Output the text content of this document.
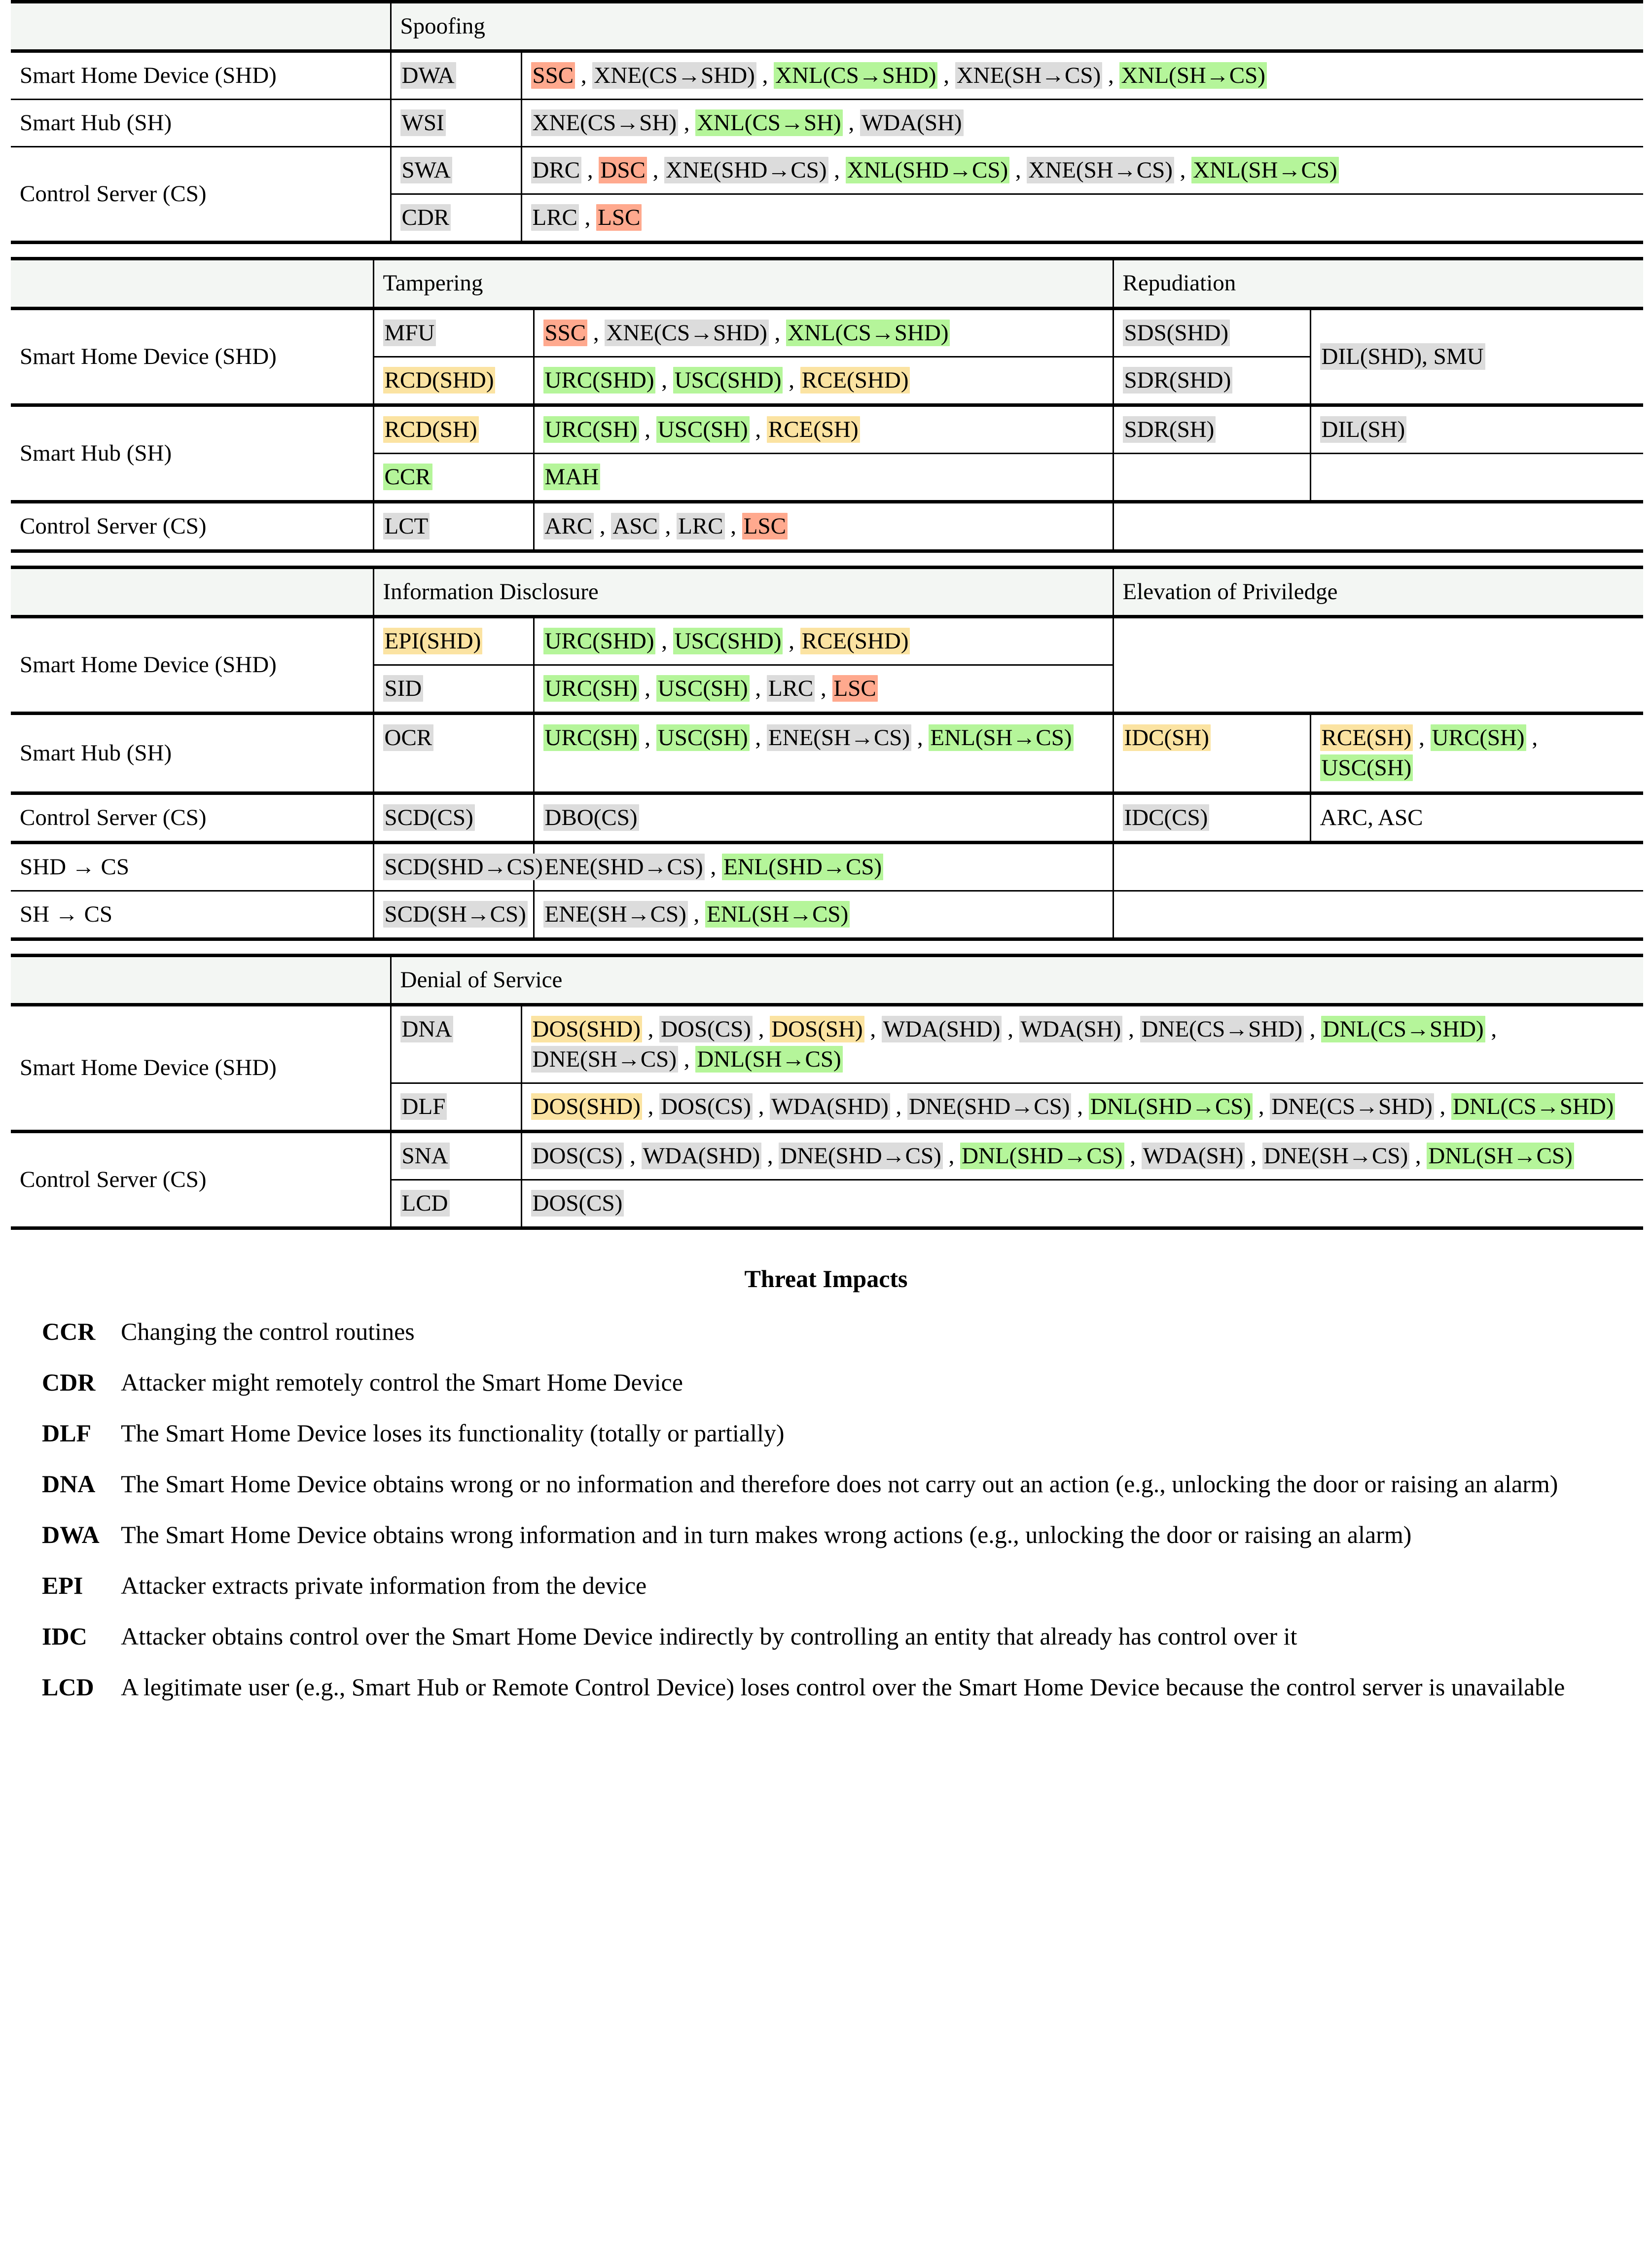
	Spoofing	
Smart Home Device (SHD)	DWA	SSC , XNE(CS→SHD) , XNL(CS→SHD) , XNE(SH→CS) , XNL(SH→CS)
Smart Hub (SH)	WSI	XNE(CS→SH) , XNL(CS→SH) , WDA(SH)
Control Server (CS)	SWA	DRC , DSC , XNE(SHD→CS) , XNL(SHD→CS) , XNE(SH→CS) , XNL(SH→CS)
	CDR	LRC , LSC
	Tampering		Repudiation	
Smart Home Device (SHD)	MFU	SSC , XNE(CS→SHD) , XNL(CS→SHD)	SDS(SHD)	DIL(SHD), SMU
	RCD(SHD)	URC(SHD) , USC(SHD) , RCE(SHD)	SDR(SHD)	
Smart Hub (SH)	RCD(SH)	URC(SH) , USC(SH) , RCE(SH)	SDR(SH)	DIL(SH)
	CCR	MAH		
Control Server (CS)	LCT	ARC , ASC , LRC , LSC		
	Information Disclosure		Elevation of Priviledge	
Smart Home Device (SHD)	EPI(SHD)	URC(SHD) , USC(SHD) , RCE(SHD)		
	SID	URC(SH) , USC(SH) , LRC , LSC		
Smart Hub (SH)	OCR	URC(SH) , USC(SH) , ENE(SH→CS) , ENL(SH→CS)	IDC(SH)	RCE(SH) , URC(SH) , USC(SH)
Control Server (CS)	SCD(CS)	DBO(CS)	IDC(CS)	ARC, ASC
SHD → CS	SCD(SHD→CS)	ENE(SHD→CS) , ENL(SHD→CS)		
SH → CS	SCD(SH→CS)	ENE(SH→CS) , ENL(SH→CS)		
	Denial of Service	
Smart Home Device (SHD)	DNA	DOS(SHD) , DOS(CS) , DOS(SH) , WDA(SHD) , WDA(SH) , DNE(CS→SHD) , DNL(CS→SHD) , DNE(SH→CS) , DNL(SH→CS)
	DLF	DOS(SHD) , DOS(CS) , WDA(SHD) , DNE(SHD→CS) , DNL(SHD→CS) , DNE(CS→SHD) , DNL(CS→SHD)
Control Server (CS)	SNA	DOS(CS) , WDA(SHD) , DNE(SHD→CS) , DNL(SHD→CS) , WDA(SH) , DNE(SH→CS) , DNL(SH→CS)
	LCD	DOS(CS)
Threat Impacts
CCR	Changing the control routines
CDR	Attacker might remotely control the Smart Home Device
DLF	The Smart Home Device loses its functionality (totally or partially)
DNA	The Smart Home Device obtains wrong or no information and therefore does not carry out an action (e.g., unlocking the door or raising an alarm)
DWA The Smart Home Device obtains wrong information and in turn makes wrong actions (e.g., unlocking the door or raising an alarm)
EPI	Attacker extracts private information from the device
IDC	Attacker obtains control over the Smart Home Device indirectly by controlling an entity that already has control over it
LCD	A legitimate user (e.g., Smart Hub or Remote Control Device) loses control over the Smart Home Device because the control server is unavailable
